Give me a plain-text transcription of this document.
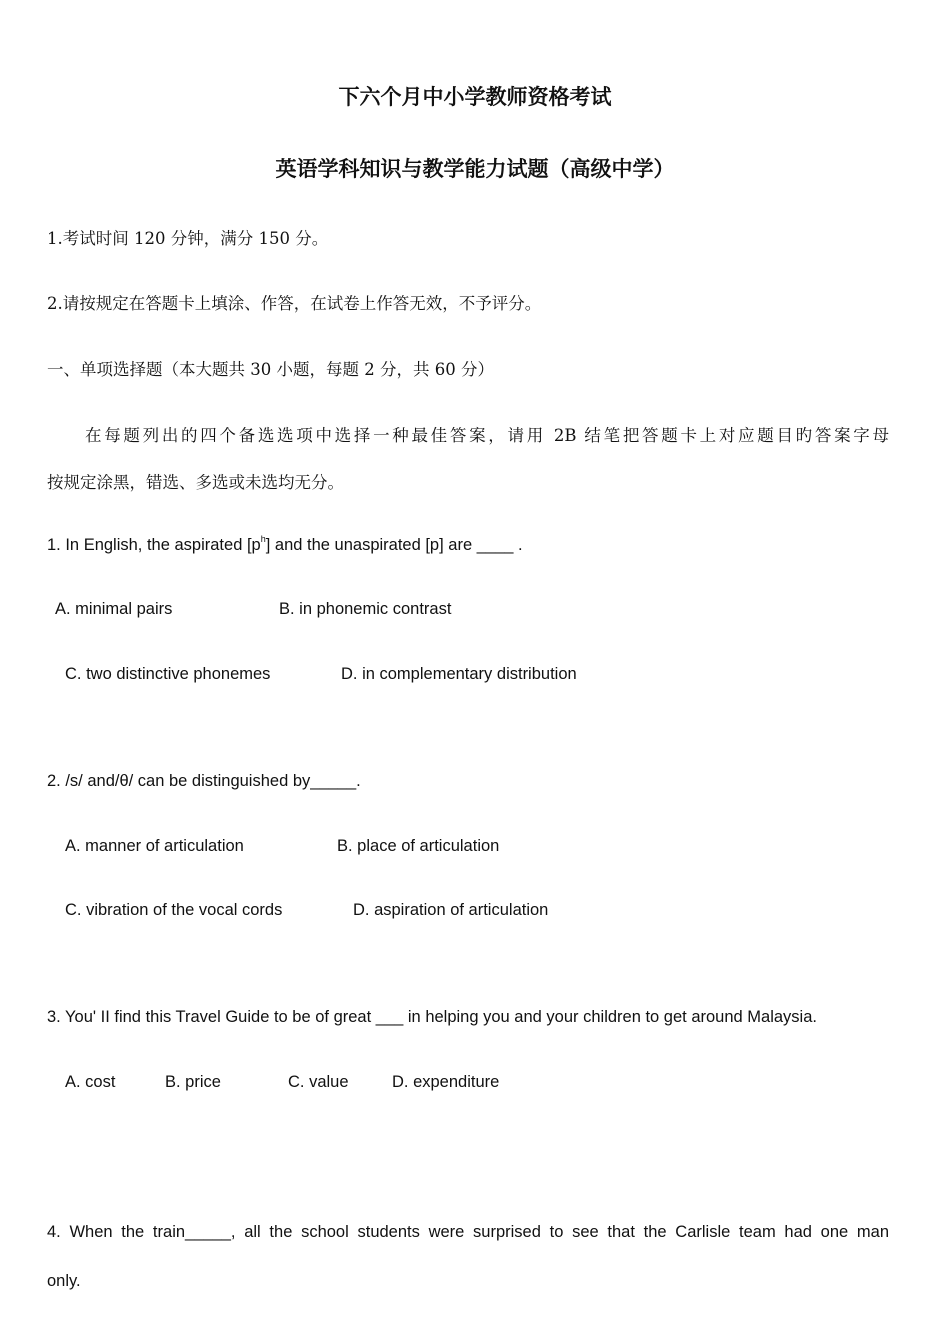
下六个月中小学教师资格考试
英语学科知识与教学能力试题（高级中学）
1.考试时间 120 分钟，满分 150 分。
2.请按规定在答题卡上填涂、作答，在试卷上作答无效，不予评分。
一、单项选择题（本大题共 30 小题，每题 2 分，共 60 分）
在每题列出的四个备选选项中选择一种最佳答案，请用 2B 结笔把答题卡上对应题目旳答案字母
按规定涂黑，错选、多选或未选均无分。
1. In English, the aspirated $[p^h]$ and the unaspirated [p] are ____ .
A. minimal pairs	B. in phonemic contrast
C. two distinctive phonemes	D. in complementary distribution
2. /s/ and/θ/ can be distinguished by_____.
A. manner of articulation	B. place of articulation
C. vibration of the vocal cords	D. aspiration of articulation
3. You' II find this Travel Guide to be of great ___ in helping you and your children to get around Malaysia.
A. cost	B. price	C. value	D. expenditure
4. When the train_____, all the school students were surprised to see that the Carlisle team had one man
only.
